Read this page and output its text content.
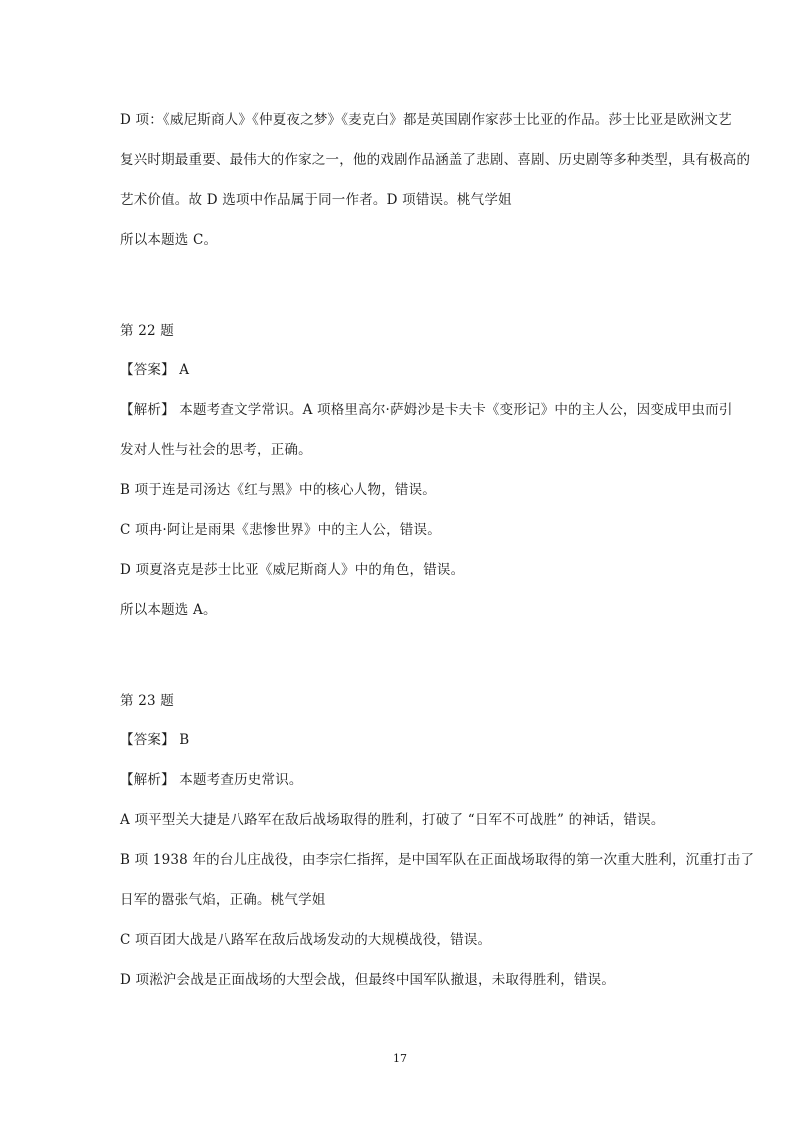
D 项：《威尼斯商人》《仲夏夜之梦》《麦克白》都是英国剧作家莎士比亚的作品。莎士比亚是欧洲文艺
复兴时期最重要、最伟大的作家之一，他的戏剧作品涵盖了悲剧、喜剧、历史剧等多种类型，具有极高的
艺术价值。故 D 选项中作品属于同一作者。D 项错误。桃气学姐
所以本题选 C。
第 22 题
【答案】 A
【解析】 本题考查文学常识。A 项格里高尔·萨姆沙是卡夫卡《变形记》中的主人公，因变成甲虫而引
发对人性与社会的思考，正确。
B 项于连是司汤达《红与黑》中的核心人物，错误。
C 项冉·阿让是雨果《悲惨世界》中的主人公，错误。
D 项夏洛克是莎士比亚《威尼斯商人》中的角色，错误。
所以本题选 A。
第 23 题
【答案】 B
【解析】 本题考查历史常识。
A 项平型关大捷是八路军在敌后战场取得的胜利，打破了 “日军不可战胜” 的神话，错误。
B 项 1938 年的台儿庄战役，由李宗仁指挥，是中国军队在正面战场取得的第一次重大胜利，沉重打击了
日军的嚣张气焰，正确。桃气学姐
C 项百团大战是八路军在敌后战场发动的大规模战役，错误。
D 项淞沪会战是正面战场的大型会战，但最终中国军队撤退，未取得胜利，错误。
17
